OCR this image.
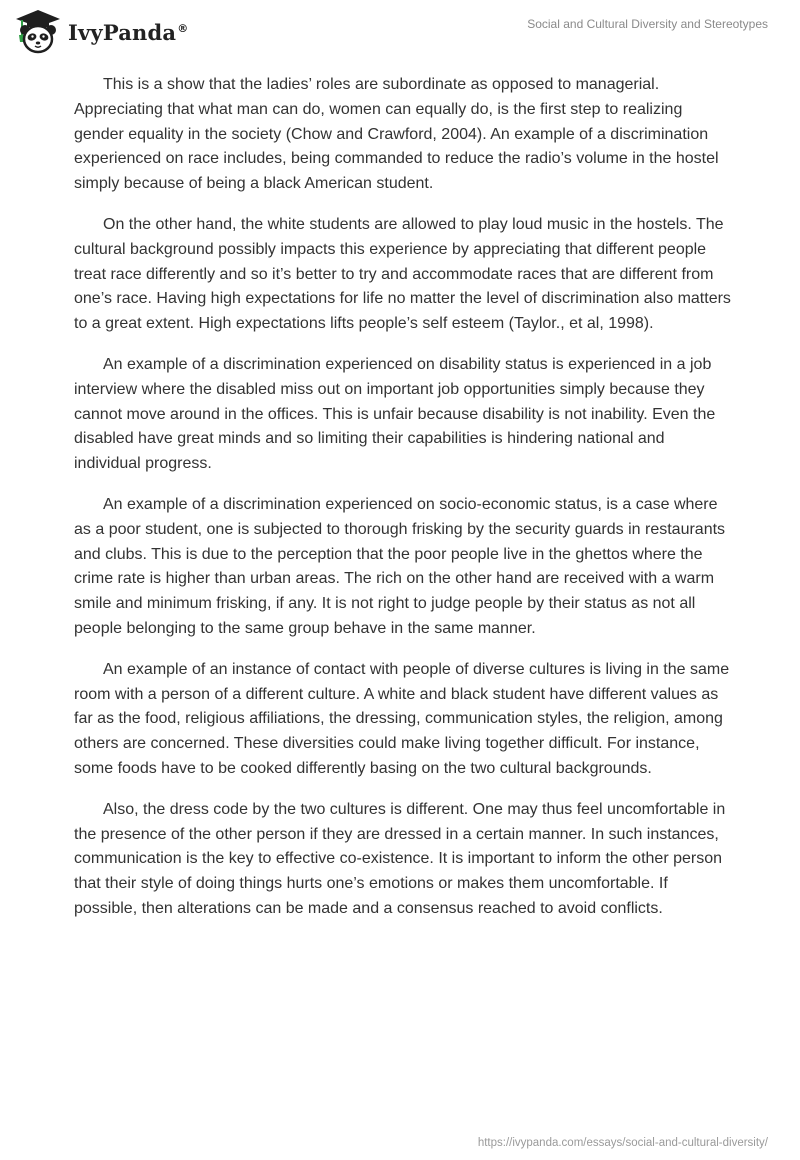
IvyPanda®	Social and Cultural Diversity and Stereotypes

This is a show that the ladies’ roles are subordinate as opposed to managerial. Appreciating that what man can do, women can equally do, is the first step to realizing gender equality in the society (Chow and Crawford, 2004). An example of a discrimination experienced on race includes, being commanded to reduce the radio’s volume in the hostel simply because of being a black American student.

On the other hand, the white students are allowed to play loud music in the hostels. The cultural background possibly impacts this experience by appreciating that different people treat race differently and so it’s better to try and accommodate races that are different from one’s race. Having high expectations for life no matter the level of discrimination also matters to a great extent. High expectations lifts people’s self esteem (Taylor., et al, 1998).

An example of a discrimination experienced on disability status is experienced in a job interview where the disabled miss out on important job opportunities simply because they cannot move around in the offices. This is unfair because disability is not inability. Even the disabled have great minds and so limiting their capabilities is hindering national and individual progress.

An example of a discrimination experienced on socio-economic status, is a case where as a poor student, one is subjected to thorough frisking by the security guards in restaurants and clubs. This is due to the perception that the poor people live in the ghettos where the crime rate is higher than urban areas. The rich on the other hand are received with a warm smile and minimum frisking, if any. It is not right to judge people by their status as not all people belonging to the same group behave in the same manner.

An example of an instance of contact with people of diverse cultures is living in the same room with a person of a different culture. A white and black student have different values as far as the food, religious affiliations, the dressing, communication styles, the religion, among others are concerned. These diversities could make living together difficult. For instance, some foods have to be cooked differently basing on the two cultural backgrounds.

Also, the dress code by the two cultures is different. One may thus feel uncomfortable in the presence of the other person if they are dressed in a certain manner. In such instances, communication is the key to effective co-existence. It is important to inform the other person that their style of doing things hurts one’s emotions or makes them uncomfortable. If possible, then alterations can be made and a consensus reached to avoid conflicts.

https://ivypanda.com/essays/social-and-cultural-diversity/
